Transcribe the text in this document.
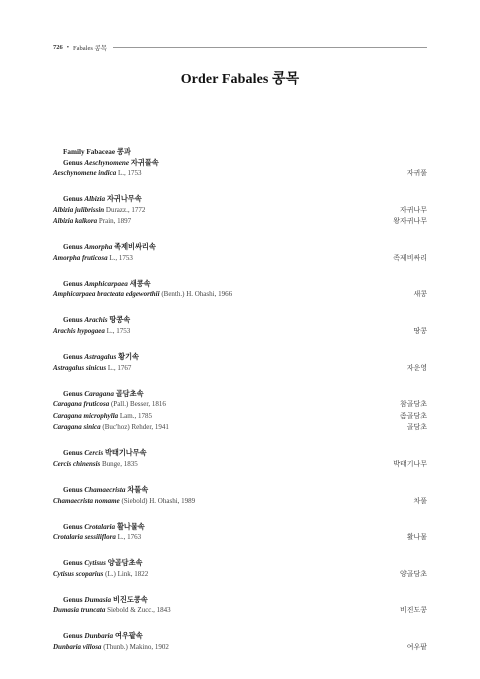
726 • Fabales 콩목
Order Fabales 콩목
Family Fabaceae 콩과
Genus Aeschynomene 자귀풀속
Aeschynomene indica L., 1753	자귀풀
Genus Albizia 자귀나무속
Albizia julibrissin Durazz., 1772	자귀나무
Albizia kalkora Prain, 1897	왕자귀나무
Genus Amorpha 족제비싸리속
Amorpha fruticosa L., 1753	족제비싸리
Genus Amphicarpaea 새콩속
Amphicarpaea bracteata edgeworthii (Benth.) H. Ohashi, 1966	새콩
Genus Arachis 땅콩속
Arachis hypogaea L., 1753	땅콩
Genus Astragalus 황기속
Astragalus sinicus L., 1767	자운영
Genus Caragana 골담초속
Caragana fruticosa (Pall.) Besser, 1816	참골담초
Caragana microphylla Lam., 1785	좀골담초
Caragana sinica (Buc'hoz) Rehder, 1941	골담초
Genus Cercis 박태기나무속
Cercis chinensis Bunge, 1835	박태기나무
Genus Chamaecrista 차풀속
Chamaecrista nomame (Siebold) H. Ohashi, 1989	차풀
Genus Crotalaria 활나물속
Crotalaria sessiliflora L., 1763	활나물
Genus Cytisus 양골담초속
Cytisus scoparius (L.) Link, 1822	양골담초
Genus Dumasia 비진도콩속
Dumasia truncata Siebold & Zucc., 1843	비진도콩
Genus Dunbaria 여우팥속
Dunbaria villosa (Thunb.) Makino, 1902	여우팥
